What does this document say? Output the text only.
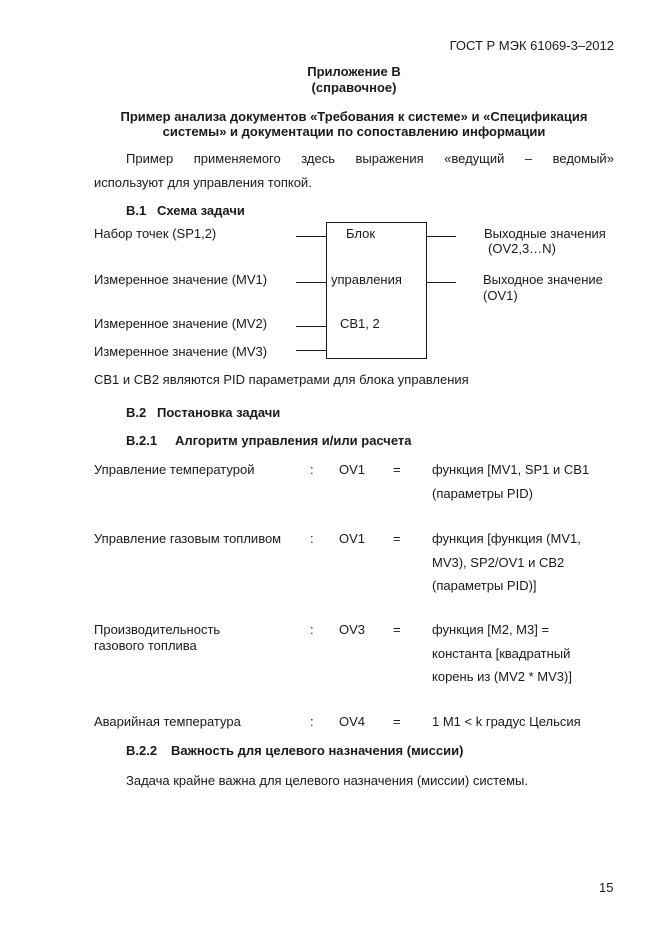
ГОСТ Р МЭК 61069-3–2012
Приложение В
(справочное)
Пример анализа документов «Требования к системе» и «Спецификация
системы» и документации по сопоставлению информации
Пример применяемого здесь выражения «ведущий – ведомый»
используют для управления топкой.
В.1 Схема задачи
Набор точек (SP1,2)
Измеренное значение (MV1)
Измеренное значение (MV2)
Измеренное значение (MV3)
Блок
управления
CB1, 2
Выходные значения
(OV2,3…N)
Выходное значение
(OV1)
CB1 и CB2 являются PID параметрами для блока управления
В.2 Постановка задачи
В.2.1 Алгоритм управления и/или расчета
Управление температурой	: OV1 = функция [MV1, SP1 и CB1
(параметры PID)
Управление газовым топливом : OV1 = функция [функция (MV1,
MV3), SP2/OV1 и CB2
(параметры PID)]
Производительность
газового топлива
: OV3 = функция [M2, M3] =
константа [квадратный
корень из (MV2 * MV3)]
Аварийная температура	: OV4 = 1 M1 < k градус Цельсия
В.2.2 Важность для целевого назначения (миссии)
Задача крайне важна для целевого назначения (миссии) системы.
15
